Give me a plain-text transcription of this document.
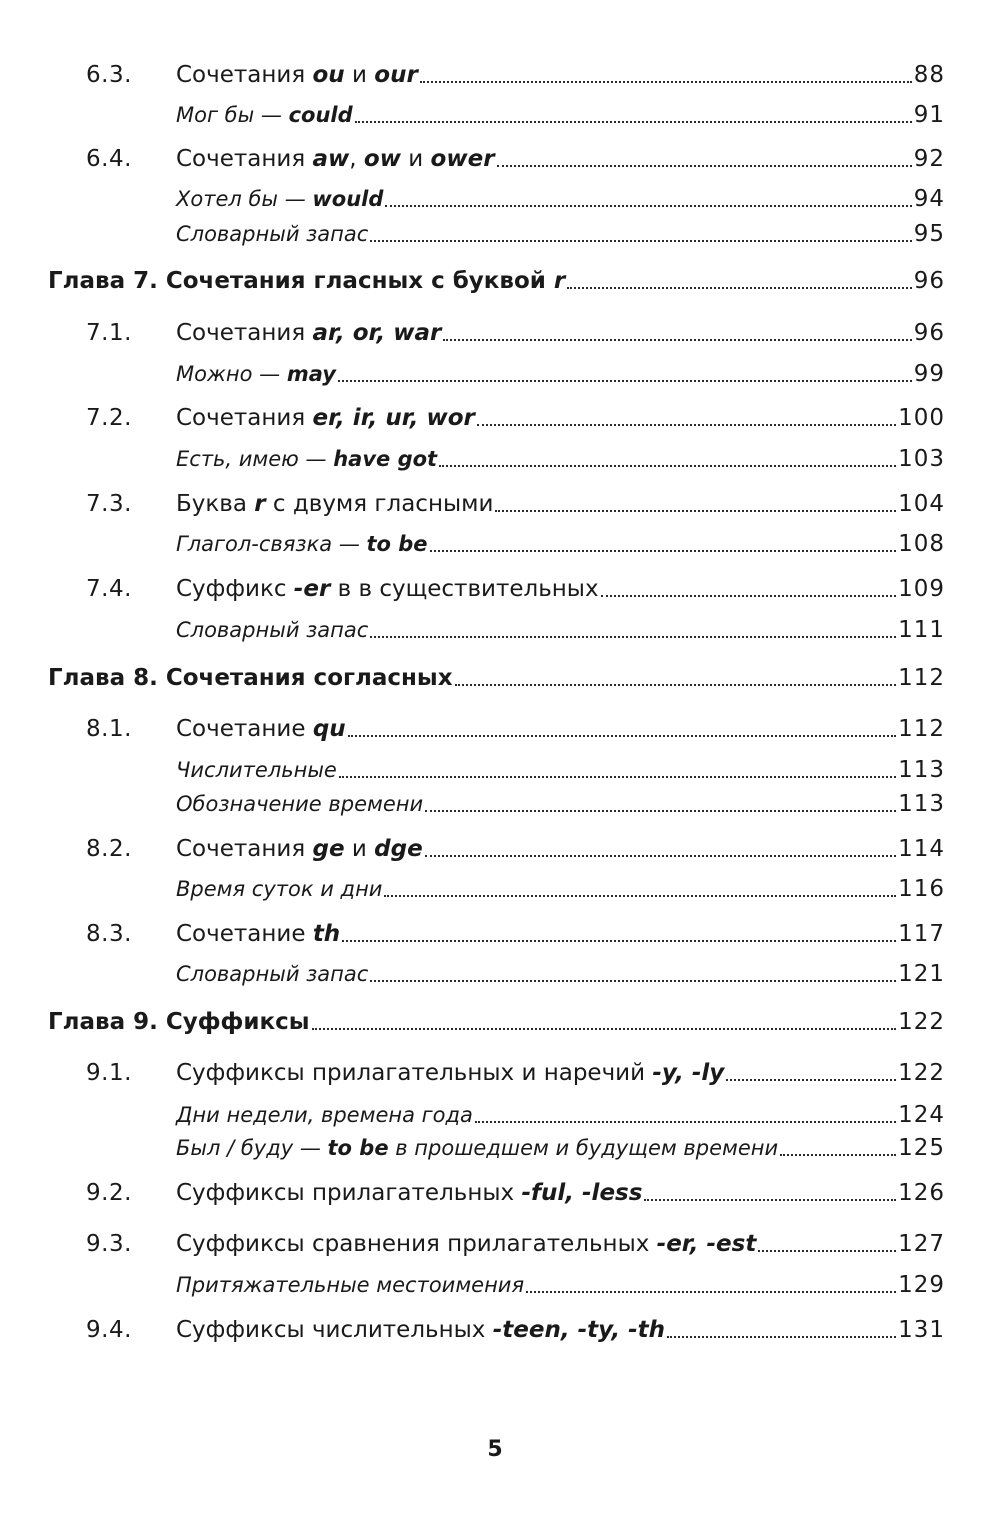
6.3. Сочетания ou и our	88
Мог бы — could	91
6.4. Сочетания aw, ow и ower	92
Хотел бы — would	94
Словарный запас	95
Глава 7. Сочетания гласных с буквой r	96
7.1. Сочетания ar, or, war	96
Можно — may	99
7.2. Сочетания er, ir, ur, wor	100
Есть, имею — have got	103
7.3. Буква r с двумя гласными	104
Глагол-связка — to be	108
7.4. Суффикс -er в в существительных	109
Словарный запас	111
Глава 8. Сочетания согласных	112
8.1. Сочетание qu	112
Числительные	113
Обозначение времени	113
8.2. Сочетания ge и dge	114
Время суток и дни	116
8.3. Сочетание th	117
Словарный запас	121
Глава 9. Суффиксы	122
9.1. Суффиксы прилагательных и наречий -y, -ly	122
Дни недели, времена года	124
Был / буду — to be в прошедшем и будущем времени	125
9.2. Суффиксы прилагательных -ful, -less	126
9.3. Суффиксы сравнения прилагательных -er, -est	127
Притяжательные местоимения	129
9.4. Суффиксы числительных -teen, -ty, -th	131
5
